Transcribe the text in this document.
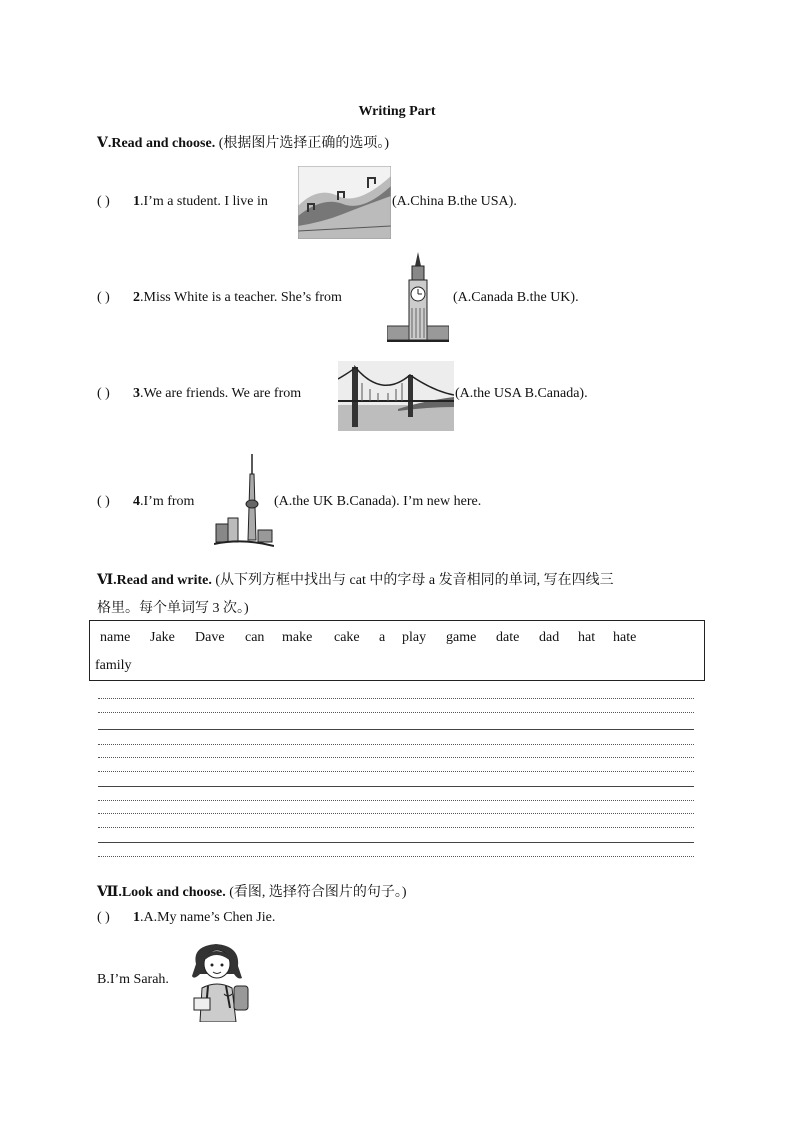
Writing Part
Ⅴ.Read and choose. (根据图片选择正确的选项。)
( ) 1.I’m a student. I live in	(A.China B.the USA).
( ) 2.Miss White is a teacher. She’s from	(A.Canada B.the UK).
( ) 3.We are friends. We are from	(A.the USA B.Canada).
( ) 4.I’m from	(A.the UK B.Canada). I’m new here.
Ⅵ.Read and write. (从下列方框中找出与 cat 中的字母 a 发音相同的单词, 写在四线三
格里。每个单词写 3 次。)
name Jake Dave can make cake a play game date dad hat hate
family
Ⅶ.Look and choose. (看图, 选择符合图片的句子。)
( ) 1.A.My name’s Chen Jie.
B.I’m Sarah.
